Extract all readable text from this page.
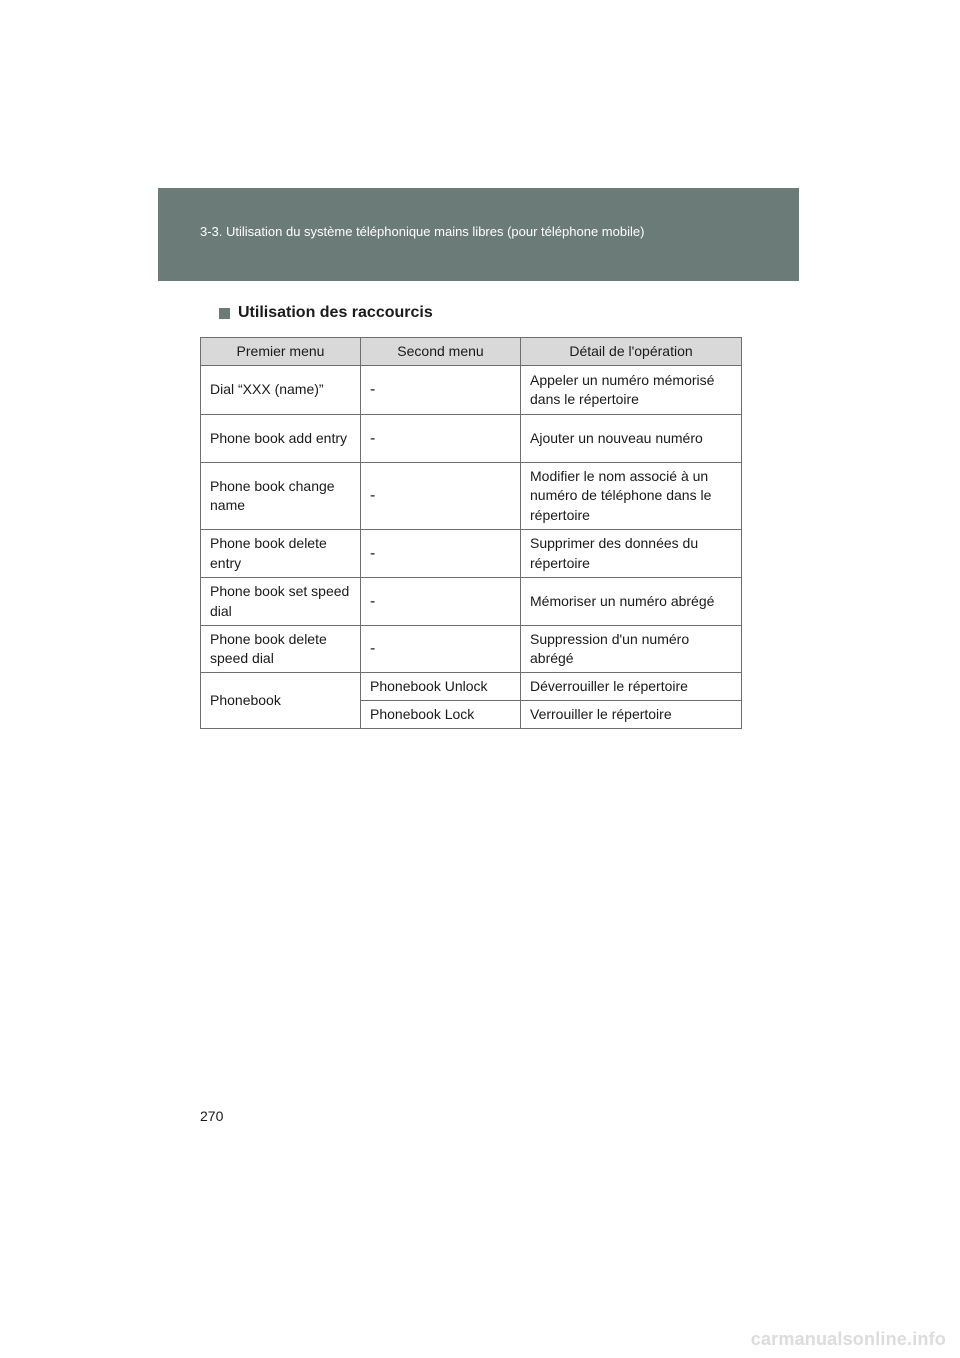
3-3. Utilisation du système téléphonique mains libres (pour téléphone mobile)
Utilisation des raccourcis
Premier menu	Second menu	Détail de l'opération
Dial “XXX (name)”	-	Appeler un numéro mémorisé dans le répertoire
Phone book add entry	-	Ajouter un nouveau numéro
Phone book change name	-	Modifier le nom associé à un numéro de téléphone dans le répertoire
Phone book delete entry	-	Supprimer des données du répertoire
Phone book set speed dial	-	Mémoriser un numéro abrégé
Phone book delete speed dial	-	Suppression d'un numéro abrégé
Phonebook	Phonebook Unlock	Déverrouiller le répertoire
	Phonebook Lock	Verrouiller le répertoire
270
carmanualsonline.info
